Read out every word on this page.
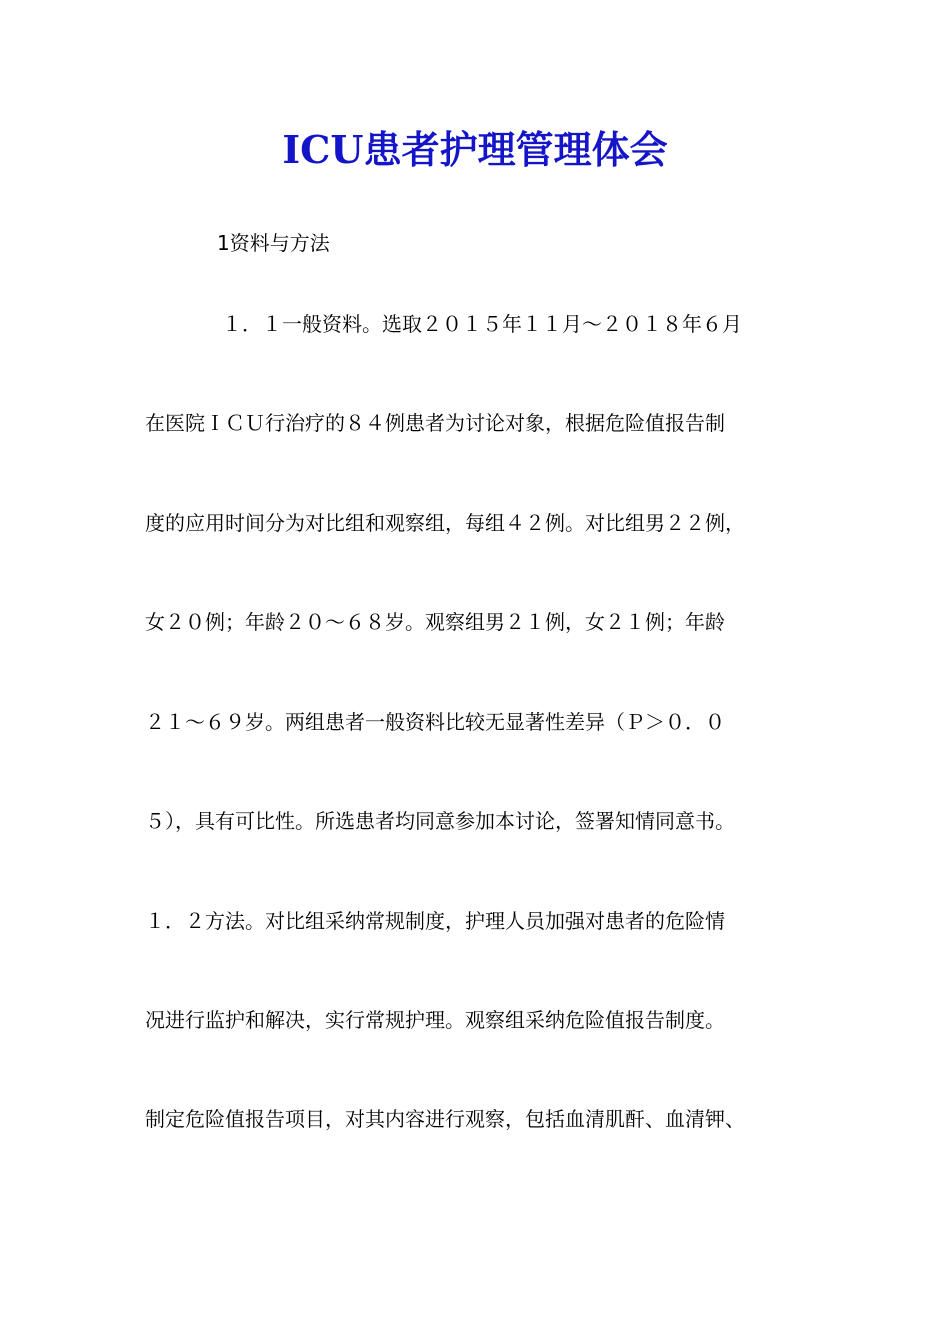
ICU患者护理管理体会
1资料与方法
１．１一般资料。选取２０１５年１１月～２０１８年６月
在医院ＩＣＵ行治疗的８４例患者为讨论对象，根据危险值报告制
度的应用时间分为对比组和观察组，每组４２例。对比组男２２例，
女２０例；年龄２０～６８岁。观察组男２１例，女２１例；年龄
２１～６９岁。两组患者一般资料比较无显著性差异（Ｐ＞０．０
５），具有可比性。所选患者均同意参加本讨论，签署知情同意书。
１．２方法。对比组采纳常规制度，护理人员加强对患者的危险情
况进行监护和解决，实行常规护理。观察组采纳危险值报告制度。
制定危险值报告项目，对其内容进行观察，包括血清肌酐、血清钾、
